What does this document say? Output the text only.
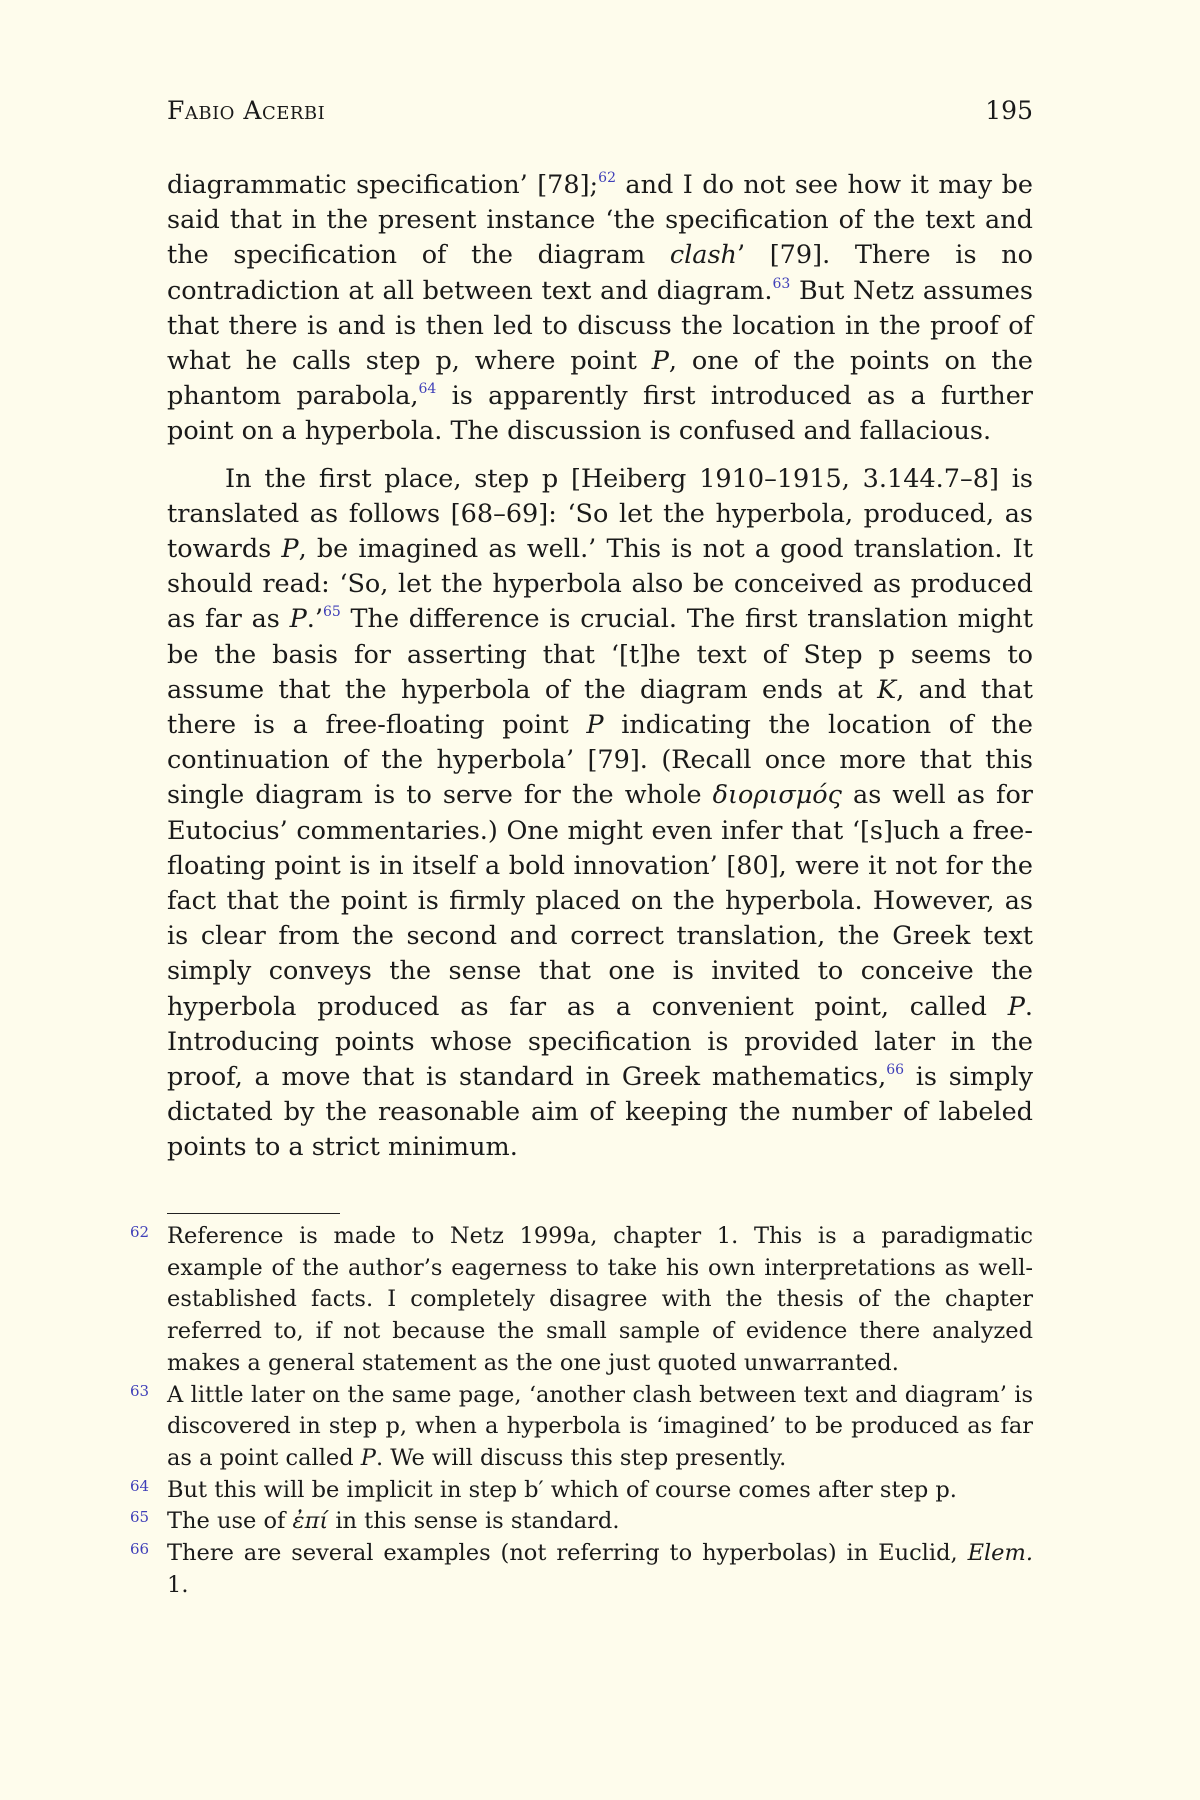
Fabio Acerbi	195

diagrammatic specification’ [78];$^{62}$ and I do not see how it may be said that in the present instance ‘the specification of the text and the specification of the diagram clash’ [79]. There is no contradiction at all between text and diagram.$^{63}$ But Netz assumes that there is and is then led to discuss the location in the proof of what he calls step p, where point P, one of the points on the phantom parabola,$^{64}$ is apparently first introduced as a further point on a hyperbola. The discussion is confused and fallacious.

In the first place, step p [Heiberg 1910–1915, 3.144.7–8] is translated as follows [68–69]: ‘So let the hyperbola, produced, as towards P, be imagined as well.’ This is not a good translation. It should read: ‘So, let the hyperbola also be conceived as produced as far as P.’$^{65}$ The difference is crucial. The first translation might be the basis for asserting that ‘[t]he text of Step p seems to assume that the hyperbola of the diagram ends at K, and that there is a free-floating point P indicating the location of the continuation of the hyperbola’ [79]. (Recall once more that this single diagram is to serve for the whole διορισμός as well as for Eutocius’ commentaries.) One might even infer that ‘[s]uch a free-floating point is in itself a bold innovation’ [80], were it not for the fact that the point is firmly placed on the hyperbola. However, as is clear from the second and correct translation, the Greek text simply conveys the sense that one is invited to conceive the hyperbola produced as far as a convenient point, called P. Introducing points whose specification is provided later in the proof, a move that is standard in Greek mathematics,$^{66}$ is simply dictated by the reasonable aim of keeping the number of labeled points to a strict minimum.

62 Reference is made to Netz 1999a, chapter 1. This is a paradigmatic example of the author’s eagerness to take his own interpretations as well-established facts. I completely disagree with the thesis of the chapter referred to, if not because the small sample of evidence there analyzed makes a general statement as the one just quoted unwarranted.
63 A little later on the same page, ‘another clash between text and diagram’ is discovered in step p, when a hyperbola is ‘imagined’ to be produced as far as a point called P. We will discuss this step presently.
64 But this will be implicit in step b′ which of course comes after step p.
65 The use of ἐπί in this sense is standard.
66 There are several examples (not referring to hyperbolas) in Euclid, Elem. 1.
